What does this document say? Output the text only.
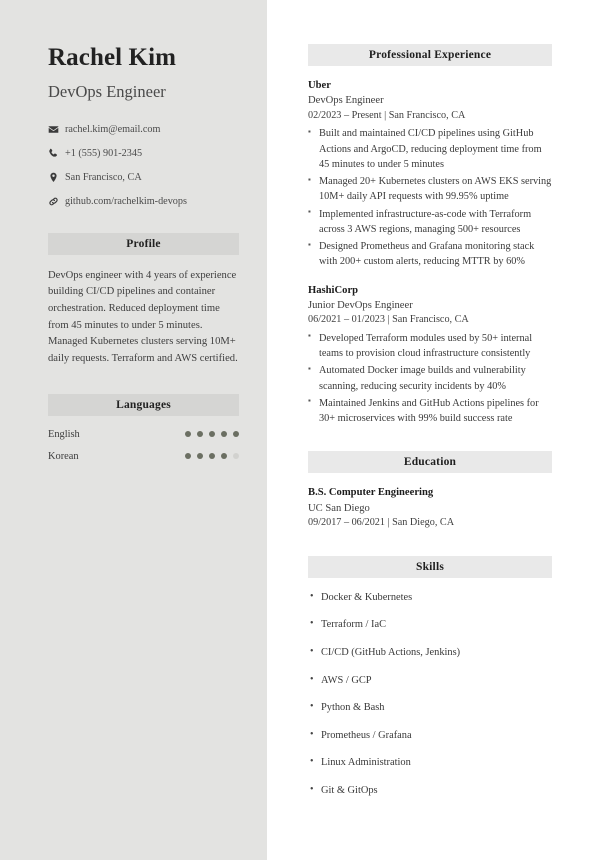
Rachel Kim
DevOps Engineer
rachel.kim@email.com
+1 (555) 901-2345
San Francisco, CA
github.com/rachelkim-devops
Profile

DevOps engineer with 4 years of experience building CI/CD pipelines and container orchestration. Reduced deployment time from 45 minutes to under 5 minutes. Managed Kubernetes clusters serving 10M+ daily requests. Terraform and AWS certified.

Languages
English
Korean
Professional Experience
Uber
DevOps Engineer
02/2023 – Present | San Francisco, CA
▪ Built and maintained CI/CD pipelines using GitHub Actions and ArgoCD, reducing deployment time from 45 minutes to under 5 minutes
▪ Managed 20+ Kubernetes clusters on AWS EKS serving 10M+ daily API requests with 99.95% uptime
▪ Implemented infrastructure-as-code with Terraform across 3 AWS regions, managing 500+ resources
▪ Designed Prometheus and Grafana monitoring stack with 200+ custom alerts, reducing MTTR by 60%
HashiCorp
Junior DevOps Engineer
06/2021 – 01/2023 | San Francisco, CA
▪ Developed Terraform modules used by 50+ internal teams to provision cloud infrastructure consistently
▪ Automated Docker image builds and vulnerability scanning, reducing security incidents by 40%
▪ Maintained Jenkins and GitHub Actions pipelines for 30+ microservices with 99% build success rate
Education
B.S. Computer Engineering
UC San Diego
09/2017 – 06/2021 | San Diego, CA
Skills
• Docker & Kubernetes
• Terraform / IaC
• CI/CD (GitHub Actions, Jenkins)
• AWS / GCP
• Python & Bash
• Prometheus / Grafana
• Linux Administration
• Git & GitOps
